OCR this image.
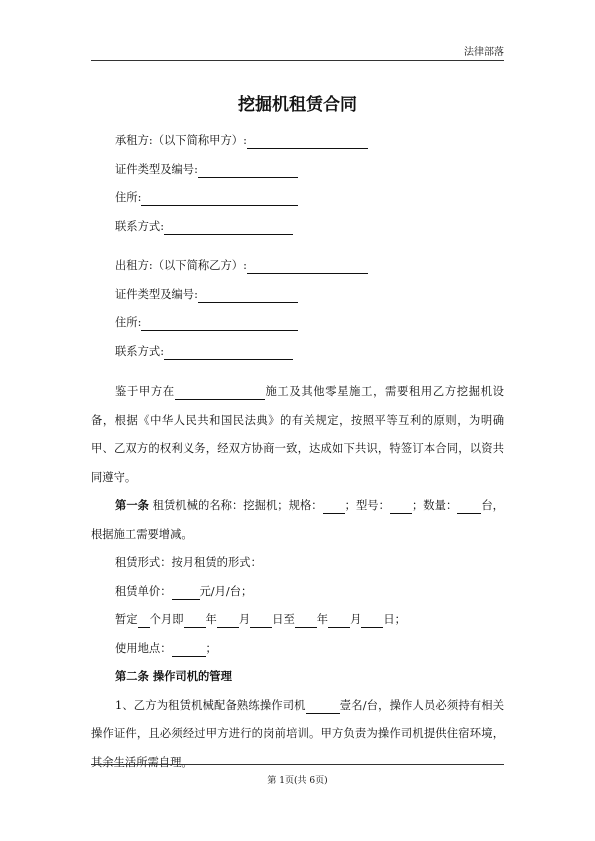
法律部落
挖掘机租赁合同
承租方:（以下简称甲方）:
证件类型及编号:
住所:
联系方式:
出租方:（以下简称乙方）:
证件类型及编号:
住所:
联系方式:
鉴于甲方在	施工及其他零星施工，需要租用乙方挖掘机设备，根据《中华人民共和国民法典》的有关规定，按照平等互利的原则，为明确甲、乙双方的权利义务，经双方协商一致，达成如下共识，特签订本合同，以资共同遵守。
第一条 租赁机械的名称：挖掘机；规格： ；型号： ；数量： 台，根据施工需要增减。
租赁形式：按月租赁的形式：
租赁单价： 元/月/台；
暂定 个月即 年 月 日至 年 月 日；
使用地点：	；
第二条 操作司机的管理
1、乙方为租赁机械配备熟练操作司机	壹名/台，操作人员必须持有相关操作证件，且必须经过甲方进行的岗前培训。甲方负责为操作司机提供住宿环境，其余生活所需自理。
第 1页(共 6页)
